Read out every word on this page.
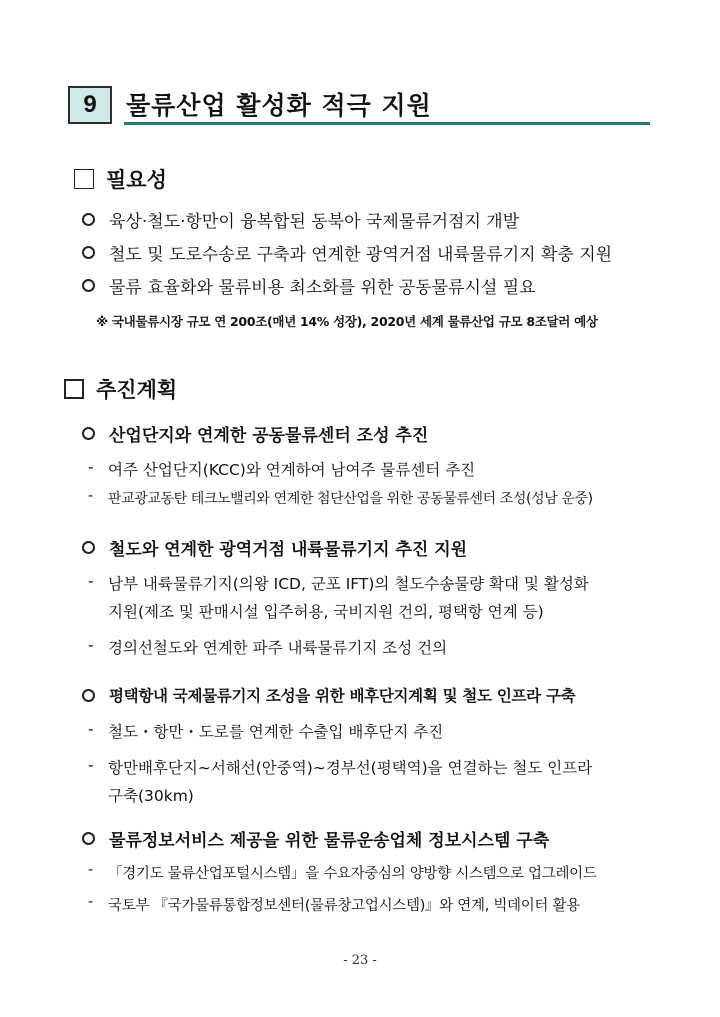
9 물류산업 활성화 적극 지원
필요성
육상·철도·항만이 융복합된 동북아 국제물류거점지 개발
철도 및 도로수송로 구축과 연계한 광역거점 내륙물류기지 확충 지원
물류 효율화와 물류비용 최소화를 위한 공동물류시설 필요
※ 국내물류시장 규모 연 200조(매년 14% 성장), 2020년 세계 물류산업 규모 8조달러 예상
추진계획
산업단지와 연계한 공동물류센터 조성 추진
- 여주 산업단지(KCC)와 연계하여 남여주 물류센터 추진
-	판교광교동탄 테크노밸리와 연계한 첨단산업을 위한 공동물류센터 조성(성남 운중)
철도와 연계한 광역거점 내륙물류기지 추진 지원
- 남부 내륙물류기지(의왕 ICD, 군포 IFT)의 철도수송물량 확대 및 활성화
지원(제조 및 판매시설 입주허용, 국비지원 건의, 평택항 연계 등)
- 경의선철도와 연계한 파주 내륙물류기지 조성 건의
평택항내 국제물류기지 조성을 위한 배후단지계획 및 철도 인프라 구축
- 철도・항만・도로를 연계한 수출입 배후단지 추진
- 항만배후단지∼서해선(안중역)∼경부선(평택역)을 연결하는 철도 인프라
구축(30km)
물류정보서비스 제공을 위한 물류운송업체 정보시스템 구축
-	「경기도 물류산업포털시스템」을 수요자중심의 양방향 시스템으로 업그레이드
-	국토부 『국가물류통합정보센터(물류창고업시스템)』와 연계, 빅데이터 활용
- 23 -
